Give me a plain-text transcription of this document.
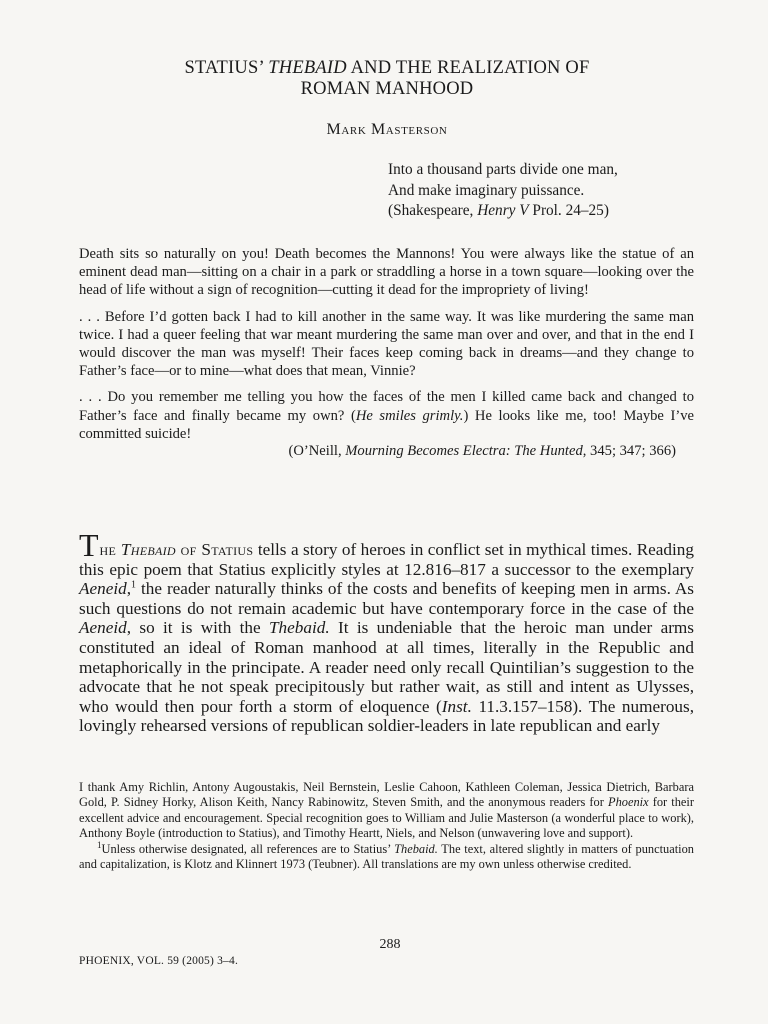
STATIUS’ THEBAID AND THE REALIZATION OF
ROMAN MANHOOD
Mark Masterson
Into a thousand parts divide one man,
And make imaginary puissance.
(Shakespeare, Henry V Prol. 24–25)

Death sits so naturally on you! Death becomes the Mannons! You were always like the statue of an eminent dead man—sitting on a chair in a park or straddling a horse in a town square—looking over the head of life without a sign of recognition—cutting it dead for the impropriety of living!

. . . Before I’d gotten back I had to kill another in the same way. It was like murdering the same man twice. I had a queer feeling that war meant murdering the same man over and over, and that in the end I would discover the man was myself! Their faces keep coming back in dreams—and they change to Father’s face—or to mine—what does that mean, Vinnie?

. . . Do you remember me telling you how the faces of the men I killed came back and changed to Father’s face and finally became my own? (He smiles grimly.) He looks like me, too! Maybe I’ve committed suicide!

(O’Neill, Mourning Becomes Electra: The Hunted, 345; 347; 366)

The Thebaid of Statius tells a story of heroes in conflict set in mythical times. Reading this epic poem that Statius explicitly styles at 12.816–817 a successor to the exemplary Aeneid,$^1$ the reader naturally thinks of the costs and benefits of keeping men in arms. As such questions do not remain academic but have contemporary force in the case of the Aeneid, so it is with the Thebaid. It is undeniable that the heroic man under arms constituted an ideal of Roman manhood at all times, literally in the Republic and metaphorically in the principate. A reader need only recall Quintilian’s suggestion to the advocate that he not speak precipitously but rather wait, as still and intent as Ulysses, who would then pour forth a storm of eloquence (Inst. 11.3.157–158). The numerous, lovingly rehearsed versions of republican soldier-leaders in late republican and early

I thank Amy Richlin, Antony Augoustakis, Neil Bernstein, Leslie Cahoon, Kathleen Coleman, Jessica Dietrich, Barbara Gold, P. Sidney Horky, Alison Keith, Nancy Rabinowitz, Steven Smith, and the anonymous readers for Phoenix for their excellent advice and encouragement. Special recognition goes to William and Julie Masterson (a wonderful place to work), Anthony Boyle (introduction to Statius), and Timothy Heartt, Niels, and Nelson (unwavering love and support).

$^1$Unless otherwise designated, all references are to Statius’ Thebaid. The text, altered slightly in matters of punctuation and capitalization, is Klotz and Klinnert 1973 (Teubner). All translations are my own unless otherwise credited.

288
PHOENIX, VOL. 59 (2005) 3–4.
